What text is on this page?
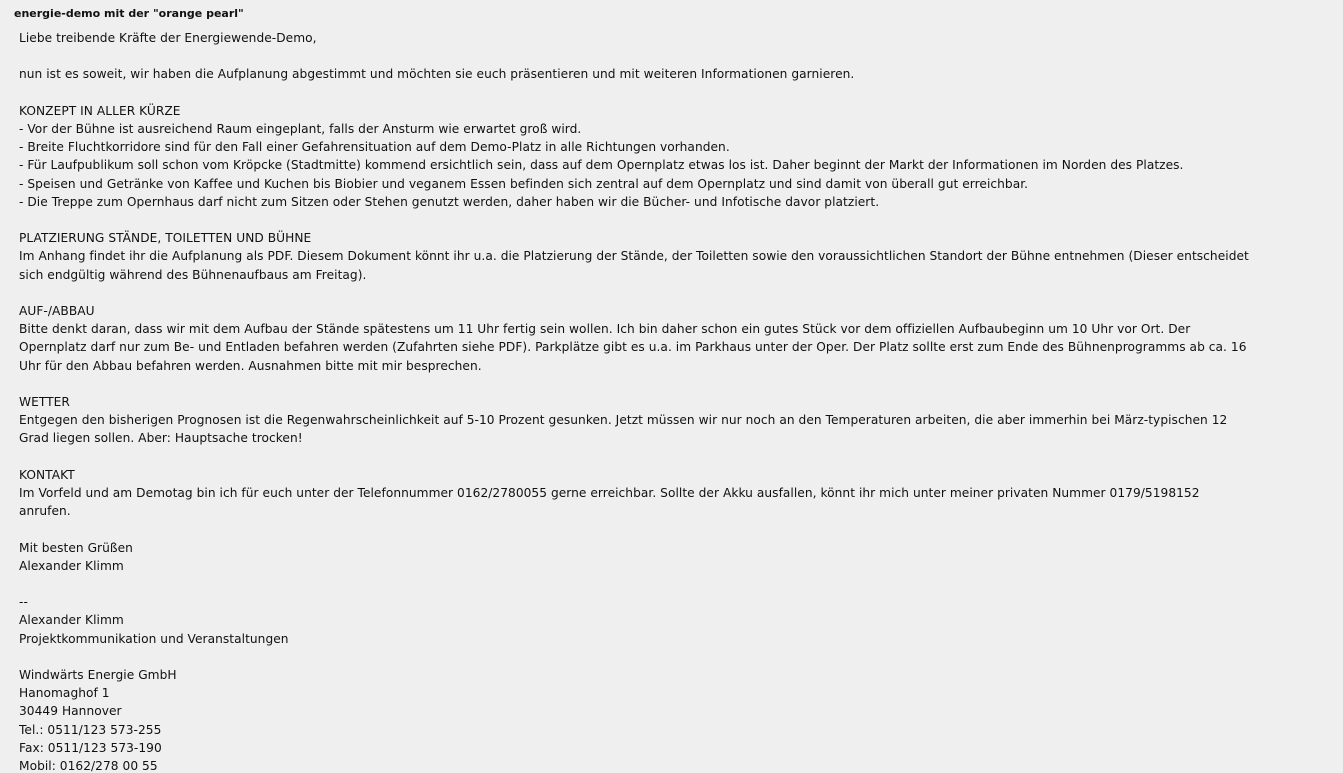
energie-demo mit der "orange pearl"
Liebe treibende Kräfte der Energiewende-Demo,
nun ist es soweit, wir haben die Aufplanung abgestimmt und möchten sie euch präsentieren und mit weiteren Informationen garnieren.
KONZEPT IN ALLER KÜRZE
- Vor der Bühne ist ausreichend Raum eingeplant, falls der Ansturm wie erwartet groß wird.
- Breite Fluchtkorridore sind für den Fall einer Gefahrensituation auf dem Demo-Platz in alle Richtungen vorhanden.
- Für Laufpublikum soll schon vom Kröpcke (Stadtmitte) kommend ersichtlich sein, dass auf dem Opernplatz etwas los ist. Daher beginnt der Markt der Informationen im Norden des Platzes.
- Speisen und Getränke von Kaffee und Kuchen bis Biobier und veganem Essen befinden sich zentral auf dem Opernplatz und sind damit von überall gut erreichbar.
- Die Treppe zum Opernhaus darf nicht zum Sitzen oder Stehen genutzt werden, daher haben wir die Bücher- und Infotische davor platziert.
PLATZIERUNG STÄNDE, TOILETTEN UND BÜHNE
Im Anhang findet ihr die Aufplanung als PDF. Diesem Dokument könnt ihr u.a. die Platzierung der Stände, der Toiletten sowie den voraussichtlichen Standort der Bühne entnehmen (Dieser entscheidet
sich endgültig während des Bühnenaufbaus am Freitag).
AUF-/ABBAU
Bitte denkt daran, dass wir mit dem Aufbau der Stände spätestens um 11 Uhr fertig sein wollen. Ich bin daher schon ein gutes Stück vor dem offiziellen Aufbaubeginn um 10 Uhr vor Ort. Der
Opernplatz darf nur zum Be- und Entladen befahren werden (Zufahrten siehe PDF). Parkplätze gibt es u.a. im Parkhaus unter der Oper. Der Platz sollte erst zum Ende des Bühnenprogramms ab ca. 16
Uhr für den Abbau befahren werden. Ausnahmen bitte mit mir besprechen.
WETTER
Entgegen den bisherigen Prognosen ist die Regenwahrscheinlichkeit auf 5-10 Prozent gesunken. Jetzt müssen wir nur noch an den Temperaturen arbeiten, die aber immerhin bei März-typischen 12
Grad liegen sollen. Aber: Hauptsache trocken!
KONTAKT
Im Vorfeld und am Demotag bin ich für euch unter der Telefonnummer 0162/2780055 gerne erreichbar. Sollte der Akku ausfallen, könnt ihr mich unter meiner privaten Nummer 0179/5198152
anrufen.
Mit besten Grüßen
Alexander Klimm
--
Alexander Klimm
Projektkommunikation und Veranstaltungen
Windwärts Energie GmbH
Hanomaghof 1
30449 Hannover
Tel.: 0511/123 573-255
Fax: 0511/123 573-190
Mobil: 0162/278 00 55
